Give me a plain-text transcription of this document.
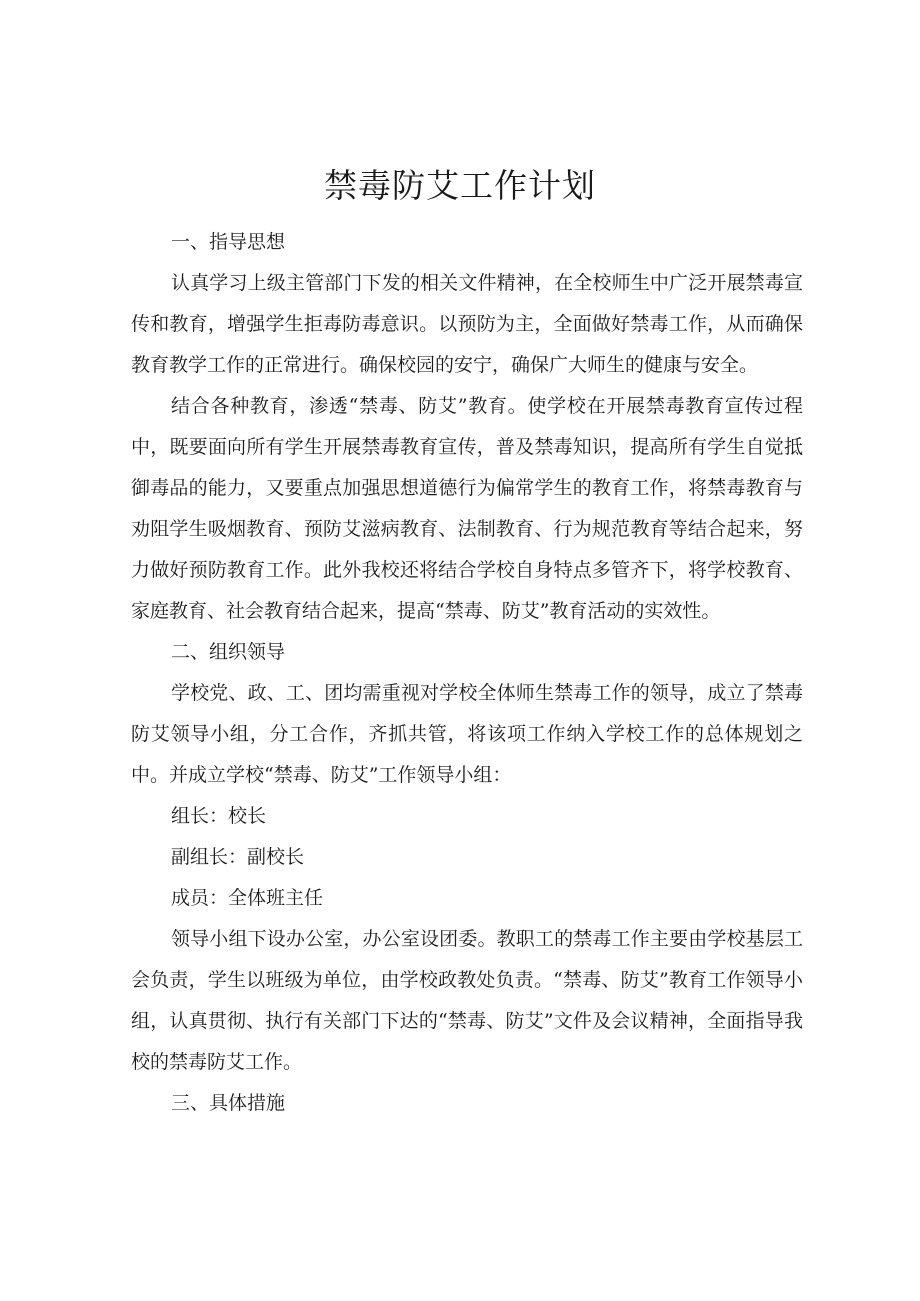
禁毒防艾工作计划

一、指导思想

认真学习上级主管部门下发的相关文件精神，在全校师生中广泛开展禁毒宣传和教育，增强学生拒毒防毒意识。以预防为主，全面做好禁毒工作，从而确保教育教学工作的正常进行。确保校园的安宁，确保广大师生的健康与安全。

结合各种教育，渗透“禁毒、防艾”教育。使学校在开展禁毒教育宣传过程中，既要面向所有学生开展禁毒教育宣传，普及禁毒知识，提高所有学生自觉抵御毒品的能力，又要重点加强思想道德行为偏常学生的教育工作，将禁毒教育与劝阻学生吸烟教育、预防艾滋病教育、法制教育、行为规范教育等结合起来，努力做好预防教育工作。此外我校还将结合学校自身特点多管齐下，将学校教育、家庭教育、社会教育结合起来，提高“禁毒、防艾”教育活动的实效性。

二、组织领导

学校党、政、工、团均需重视对学校全体师生禁毒工作的领导，成立了禁毒防艾领导小组，分工合作，齐抓共管，将该项工作纳入学校工作的总体规划之中。并成立学校“禁毒、防艾”工作领导小组：

组长：校长

副组长：副校长

成员：全体班主任

领导小组下设办公室，办公室设团委。教职工的禁毒工作主要由学校基层工会负责，学生以班级为单位，由学校政教处负责。“禁毒、防艾”教育工作领导小组，认真贯彻、执行有关部门下达的“禁毒、防艾”文件及会议精神，全面指导我校的禁毒防艾工作。

三、具体措施
